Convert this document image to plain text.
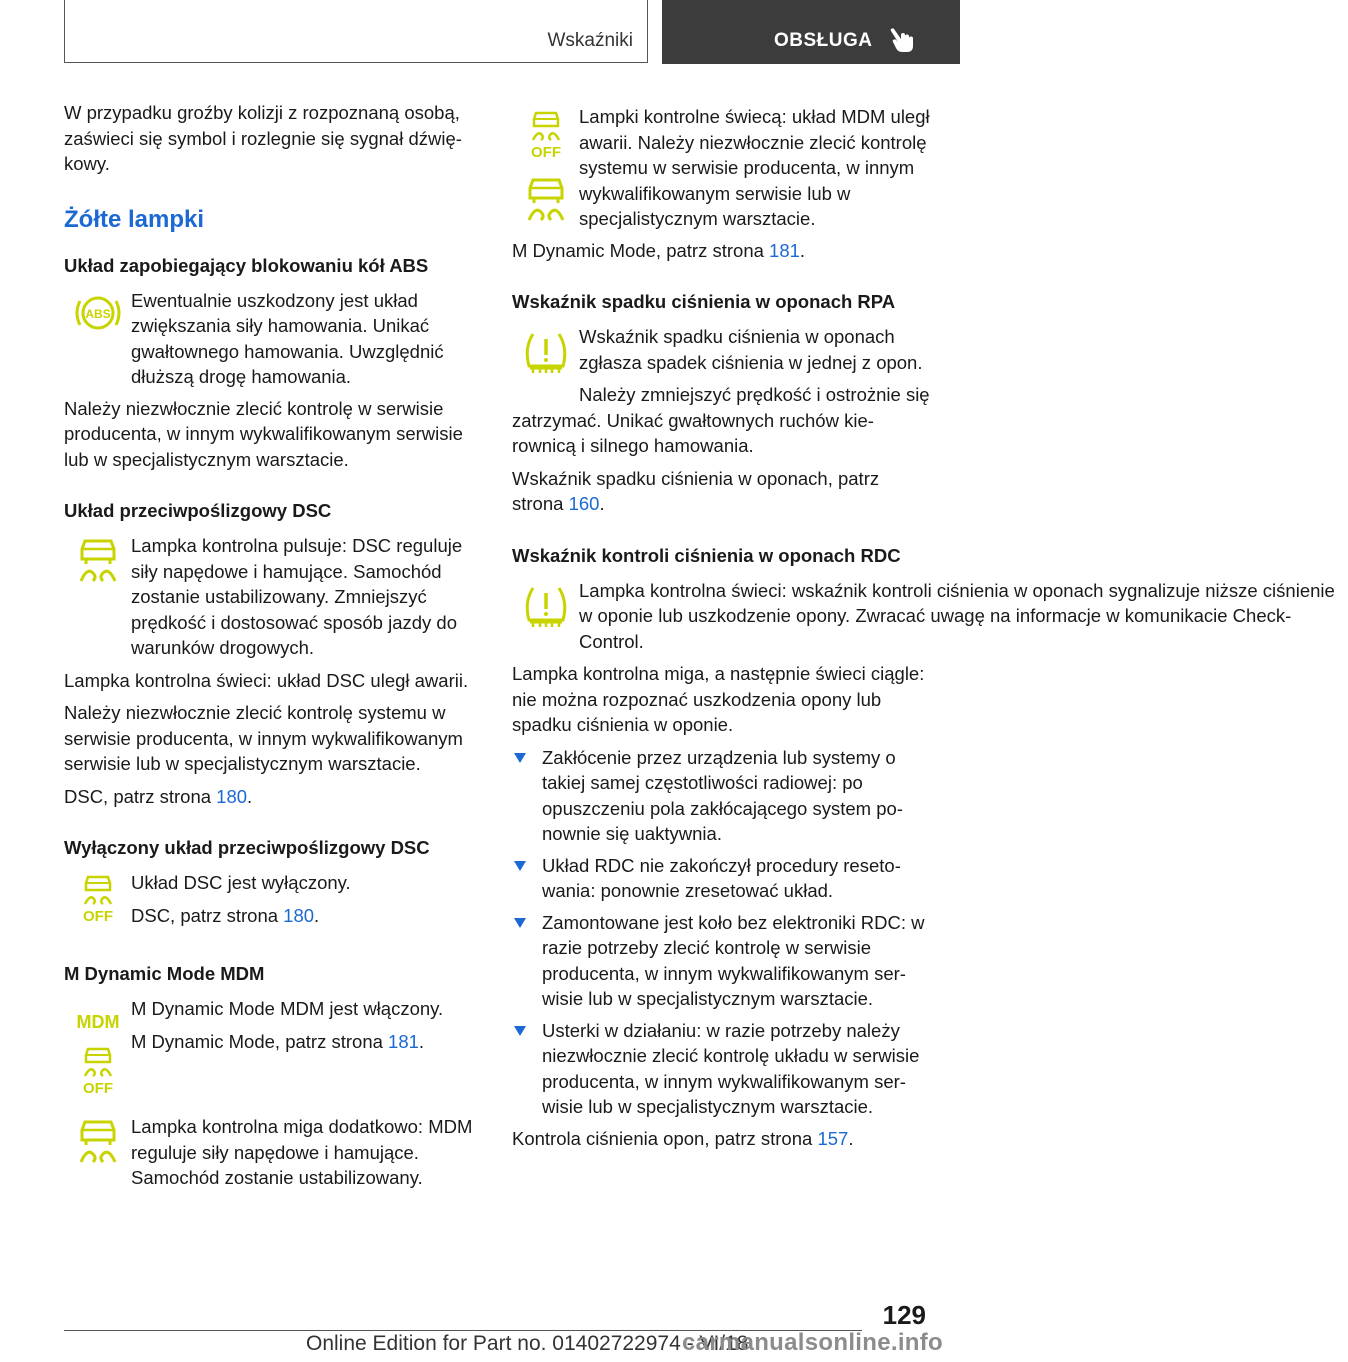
Wskaźniki	OBSŁUGA

W przypadku groźby kolizji z rozpoznaną osobą, zaświeci się symbol i rozlegnie się sygnał dźwiękowy.

Żółte lampki
Układ zapobiegający blokowaniu kół ABS
ABS
Ewentualnie uszkodzony jest układ zwiększania siły hamowania. Unikać gwałtownego hamowania. Uwzględnić dłuższą drogę hamowania.

Należy niezwłocznie zlecić kontrolę w serwisie producenta, w innym wykwalifikowanym serwisie lub w specjalistycznym warsztacie.

Układ przeciwpoślizgowy DSC
Lampka kontrolna pulsuje: DSC reguluje siły napędowe i hamujące. Samochód zostanie ustabilizowany. Zmniejszyć prędkość i dostosować sposób jazdy do warunków drogowych.

Lampka kontrolna świeci: układ DSC uległ awarii.

Należy niezwłocznie zlecić kontrolę systemu w serwisie producenta, w innym wykwalifikowanym serwisie lub w specjalistycznym warsztacie.

DSC, patrz strona 180.

Wyłączony układ przeciwpoślizgowy DSC
OFF

Układ DSC jest wyłączony.

DSC, patrz strona 180.

M Dynamic Mode MDM
MDM
OFF

M Dynamic Mode MDM jest włączony.

M Dynamic Mode, patrz strona 181.

Lampka kontrolna miga dodatkowo: MDM reguluje siły napędowe i hamujące. Samochód zostanie ustabilizowany.
OFF
Lampki kontrolne świecą: układ MDM uległ awarii. Należy niezwłocznie zlecić kontrolę systemu w serwisie producenta, w innym wykwalifikowanym serwisie lub w specjalistycznym warsztacie.

M Dynamic Mode, patrz strona 181.

Wskaźnik spadku ciśnienia w oponach RPA

Wskaźnik spadku ciśnienia w oponach zgłasza spadek ciśnienia w jednej z opon.

Należy zmniejszyć prędkość i ostrożnie się zatrzymać. Unikać gwałtownych ruchów kierownicą i silnego hamowania.

Wskaźnik spadku ciśnienia w oponach, patrz strona 160.

Wskaźnik kontroli ciśnienia w oponach RDC
Lampka kontrolna świeci: wskaźnik kontroli ciśnienia w oponach sygnalizuje niższe ciśnienie w oponie lub uszkodzenie opony. Zwracać uwagę na informacje w komunikacie Check-Control.

Lampka kontrolna miga, a następnie świeci ciągle: nie można rozpoznać uszkodzenia opony lub spadku ciśnienia w oponie.

Zakłócenie przez urządzenia lub systemy o takiej samej częstotliwości radiowej: po opuszczeniu pola zakłócającego system ponownie się uaktywnia.
Układ RDC nie zakończył procedury resetowania: ponownie zresetować układ.
Zamontowane jest koło bez elektroniki RDC: w razie potrzeby zlecić kontrolę w serwisie producenta, w innym wykwalifikowanym serwisie lub w specjalistycznym warsztacie.
Usterki w działaniu: w razie potrzeby należy niezwłocznie zlecić kontrolę układu w serwisie producenta, w innym wykwalifikowanym serwisie lub w specjalistycznym warsztacie.

Kontrola ciśnienia opon, patrz strona 157.

129
Online Edition for Part no. 01402722974 - VI/18
carmanualsonline.info
